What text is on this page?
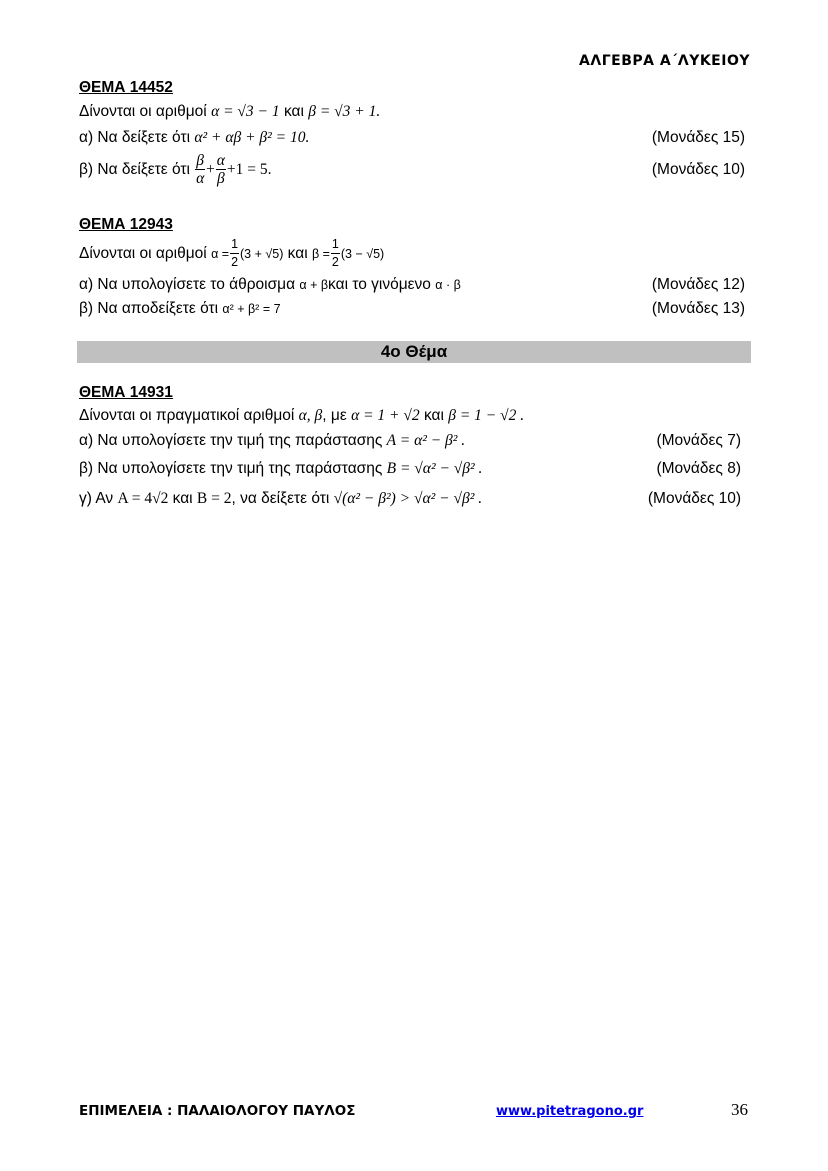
ΑΛΓΕΒΡΑ Α΄ΛΥΚΕΙΟΥ
ΘΕΜΑ 14452
Δίνονται οι αριθμοί α = √3 − 1 και β = √3 + 1.
α) Να δείξετε ότι α² + αβ + β² = 10.	(Μονάδες 15)
β) Να δείξετε ότι $\frac{\beta}{\alpha} + \frac{\alpha}{\beta} +1 = 5$.	(Μονάδες 10)
ΘΕΜΑ 12943
Δίνονται οι αριθμοί $\alpha = \frac{1}{2} (3 + √5)$ και $\beta = \frac{1}{2} (3 - √5)$
α) Να υπολογίσετε το άθροισμα α + βκαι το γινόμενο α · β	(Μονάδες 12)
β) Να αποδείξετε ότι α² + β² = 7	(Μονάδες 13)
4ο Θέμα
ΘΕΜΑ 14931
Δίνονται οι πραγματικοί αριθμοί α, β, με α = 1 + √2 και β = 1 − √2 .
α) Να υπολογίσετε την τιμή της παράστασης Α = α² − β² .	(Μονάδες 7)
β) Να υπολογίσετε την τιμή της παράστασης Β = √α² − √β² .	(Μονάδες 8)
γ) Αν Α = 4√2 και Β = 2, να δείξετε ότι √(α² − β²) > √α² − √β² .	(Μονάδες 10)
ΕΠΙΜΕΛΕΙΑ : ΠΑΛΑΙΟΛΟΓΟΥ ΠΑΥΛΟΣ	www.pitetragono.gr	36
